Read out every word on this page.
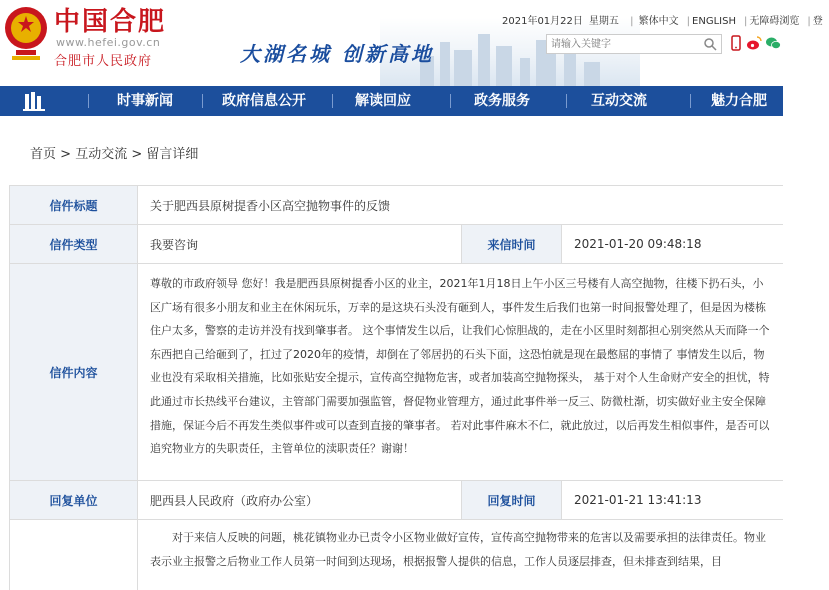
中国合肥
www.hefei.gov.cn
合肥市人民政府	大湖名城 创新高地
2021年01月22日 星期五 | 繁体中文 | ENGLISH | 无障碍浏览 | 登
请输入关键字
时事新闻	政府信息公开	解读回应	政务服务	互动交流	魅力合肥
首页 > 互动交流 > 留言详细
信件标题	关于肥西县原树提香小区高空抛物事件的反馈
信件类型	我要咨询	来信时间	2021-01-20 09:48:18
信件内容
尊敬的市政府领导 您好！我是肥西县原树提香小区的业主，2021年1月18日上午小区三号楼有人高空抛物，往楼下扔石头，小区广场有很多小朋友和业主在休闲玩乐，万幸的是这块石头没有砸到人，事件发生后我们也第一时间报警处理了，但是因为楼栋住户太多，警察的走访并没有找到肇事者。 这个事情发生以后，让我们心惊胆战的，走在小区里时刻都担心别突然从天而降一个东西把自己给砸到了，扛过了2020年的疫情，却倒在了邻居扔的石头下面，这恐怕就是现在最憋屈的事情了 事情发生以后，物业也没有采取相关措施，比如张贴安全提示，宣传高空抛物危害，或者加装高空抛物探头， 基于对个人生命财产安全的担忧，特此通过市长热线平台建议，主管部门需要加强监管，督促物业管理方，通过此事件举一反三、防微杜渐，切实做好业主安全保障措施，保证今后不再发生类似事件或可以查到直接的肇事者。 若对此事件麻木不仁，就此放过，以后再发生相似事件，是否可以追究物业方的失职责任，主管单位的渎职责任？谢谢！
回复单位	肥西县人民政府（政府办公室）	回复时间	2021-01-21 13:41:13
对于来信人反映的问题，桃花镇物业办已责令小区物业做好宣传，宣传高空抛物带来的危害以及需要承担的法律责任。物业表示业主报警之后物业工作人员第一时间到达现场，根据报警人提供的信息，工作人员逐层排查，但未排查到结果，目
